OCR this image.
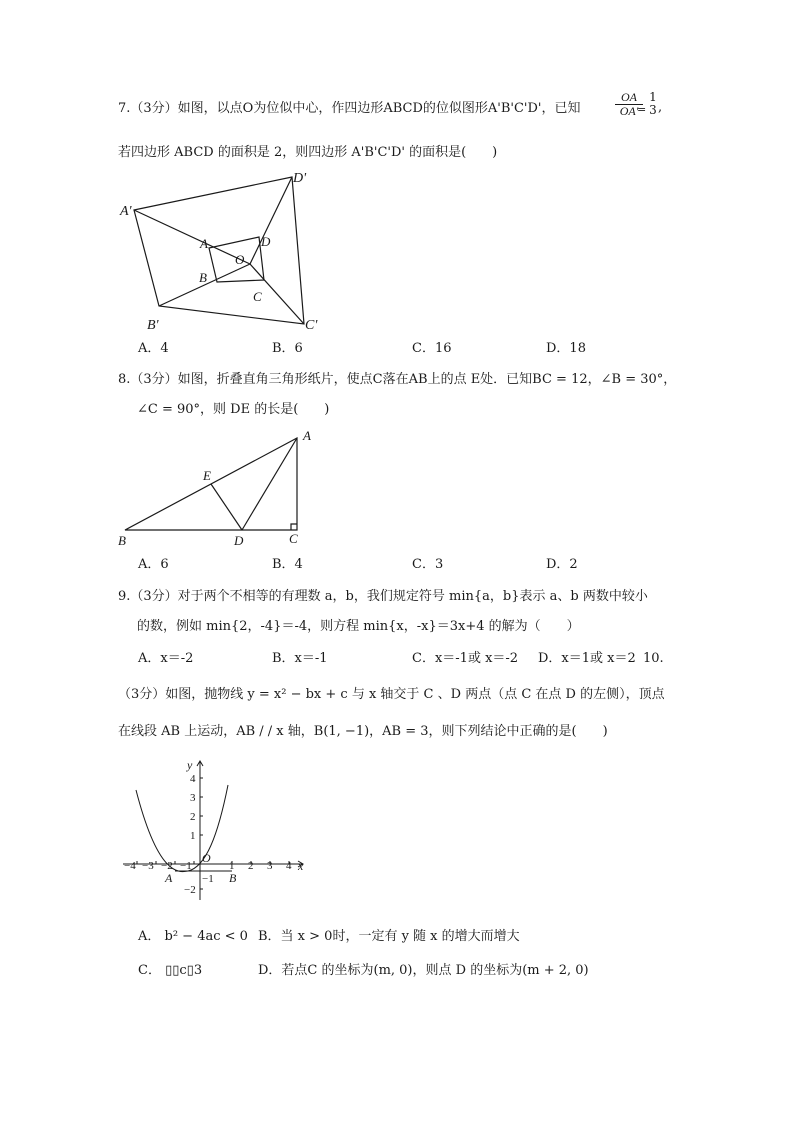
7.（3分）如图，以点O为位似中心，作四边形ABCD的位似图形A'B'C'D'，已知	$\frac{OA}{OA'}$
=
1
3 ,
若四边形 ABCD 的面积是 2，则四边形 A'B'C'D' 的面积是(　　)
A'
B'	C'
D'
A
B
C
D
O
A．4	B．6	C．16	D．18
8.（3分）如图，折叠直角三角形纸片，使点C落在AB上的点 E处．已知BC = 12，∠B = 30°，
∠C = 90°，则 DE 的长是(　　)
A
E
B	D	C
A．6	B．4	C．3	D．2
9.（3分）对于两个不相等的有理数 a，b，我们规定符号 min{a，b}表示 a、b 两数中较小
的数，例如 min{2，-4}＝-4，则方程 min{x，-x}＝3x+4 的解为（　　）
A．x＝-2	B．x＝-1	C．x＝-1或 x＝-2 D．x＝1或 x＝2 10.
（3分）如图，抛物线 y = x² − bx + c 与 x 轴交于 C 、D 两点（点 C 在点 D 的左侧），顶点
在线段 AB 上运动，AB / / x 轴，B(1, −1)，AB = 3，则下列结论中正确的是(　　)
y
x
O
−4 −3 −2 −1	1 2 3 4
4
3
2
1
−1
−2
A	B
A． b² − 4ac < 0 B．当 x > 0时，一定有 y 随 x 的增大而增大
C． ▯▯c▯3	D．若点C 的坐标为(m, 0)，则点 D 的坐标为(m + 2, 0)
